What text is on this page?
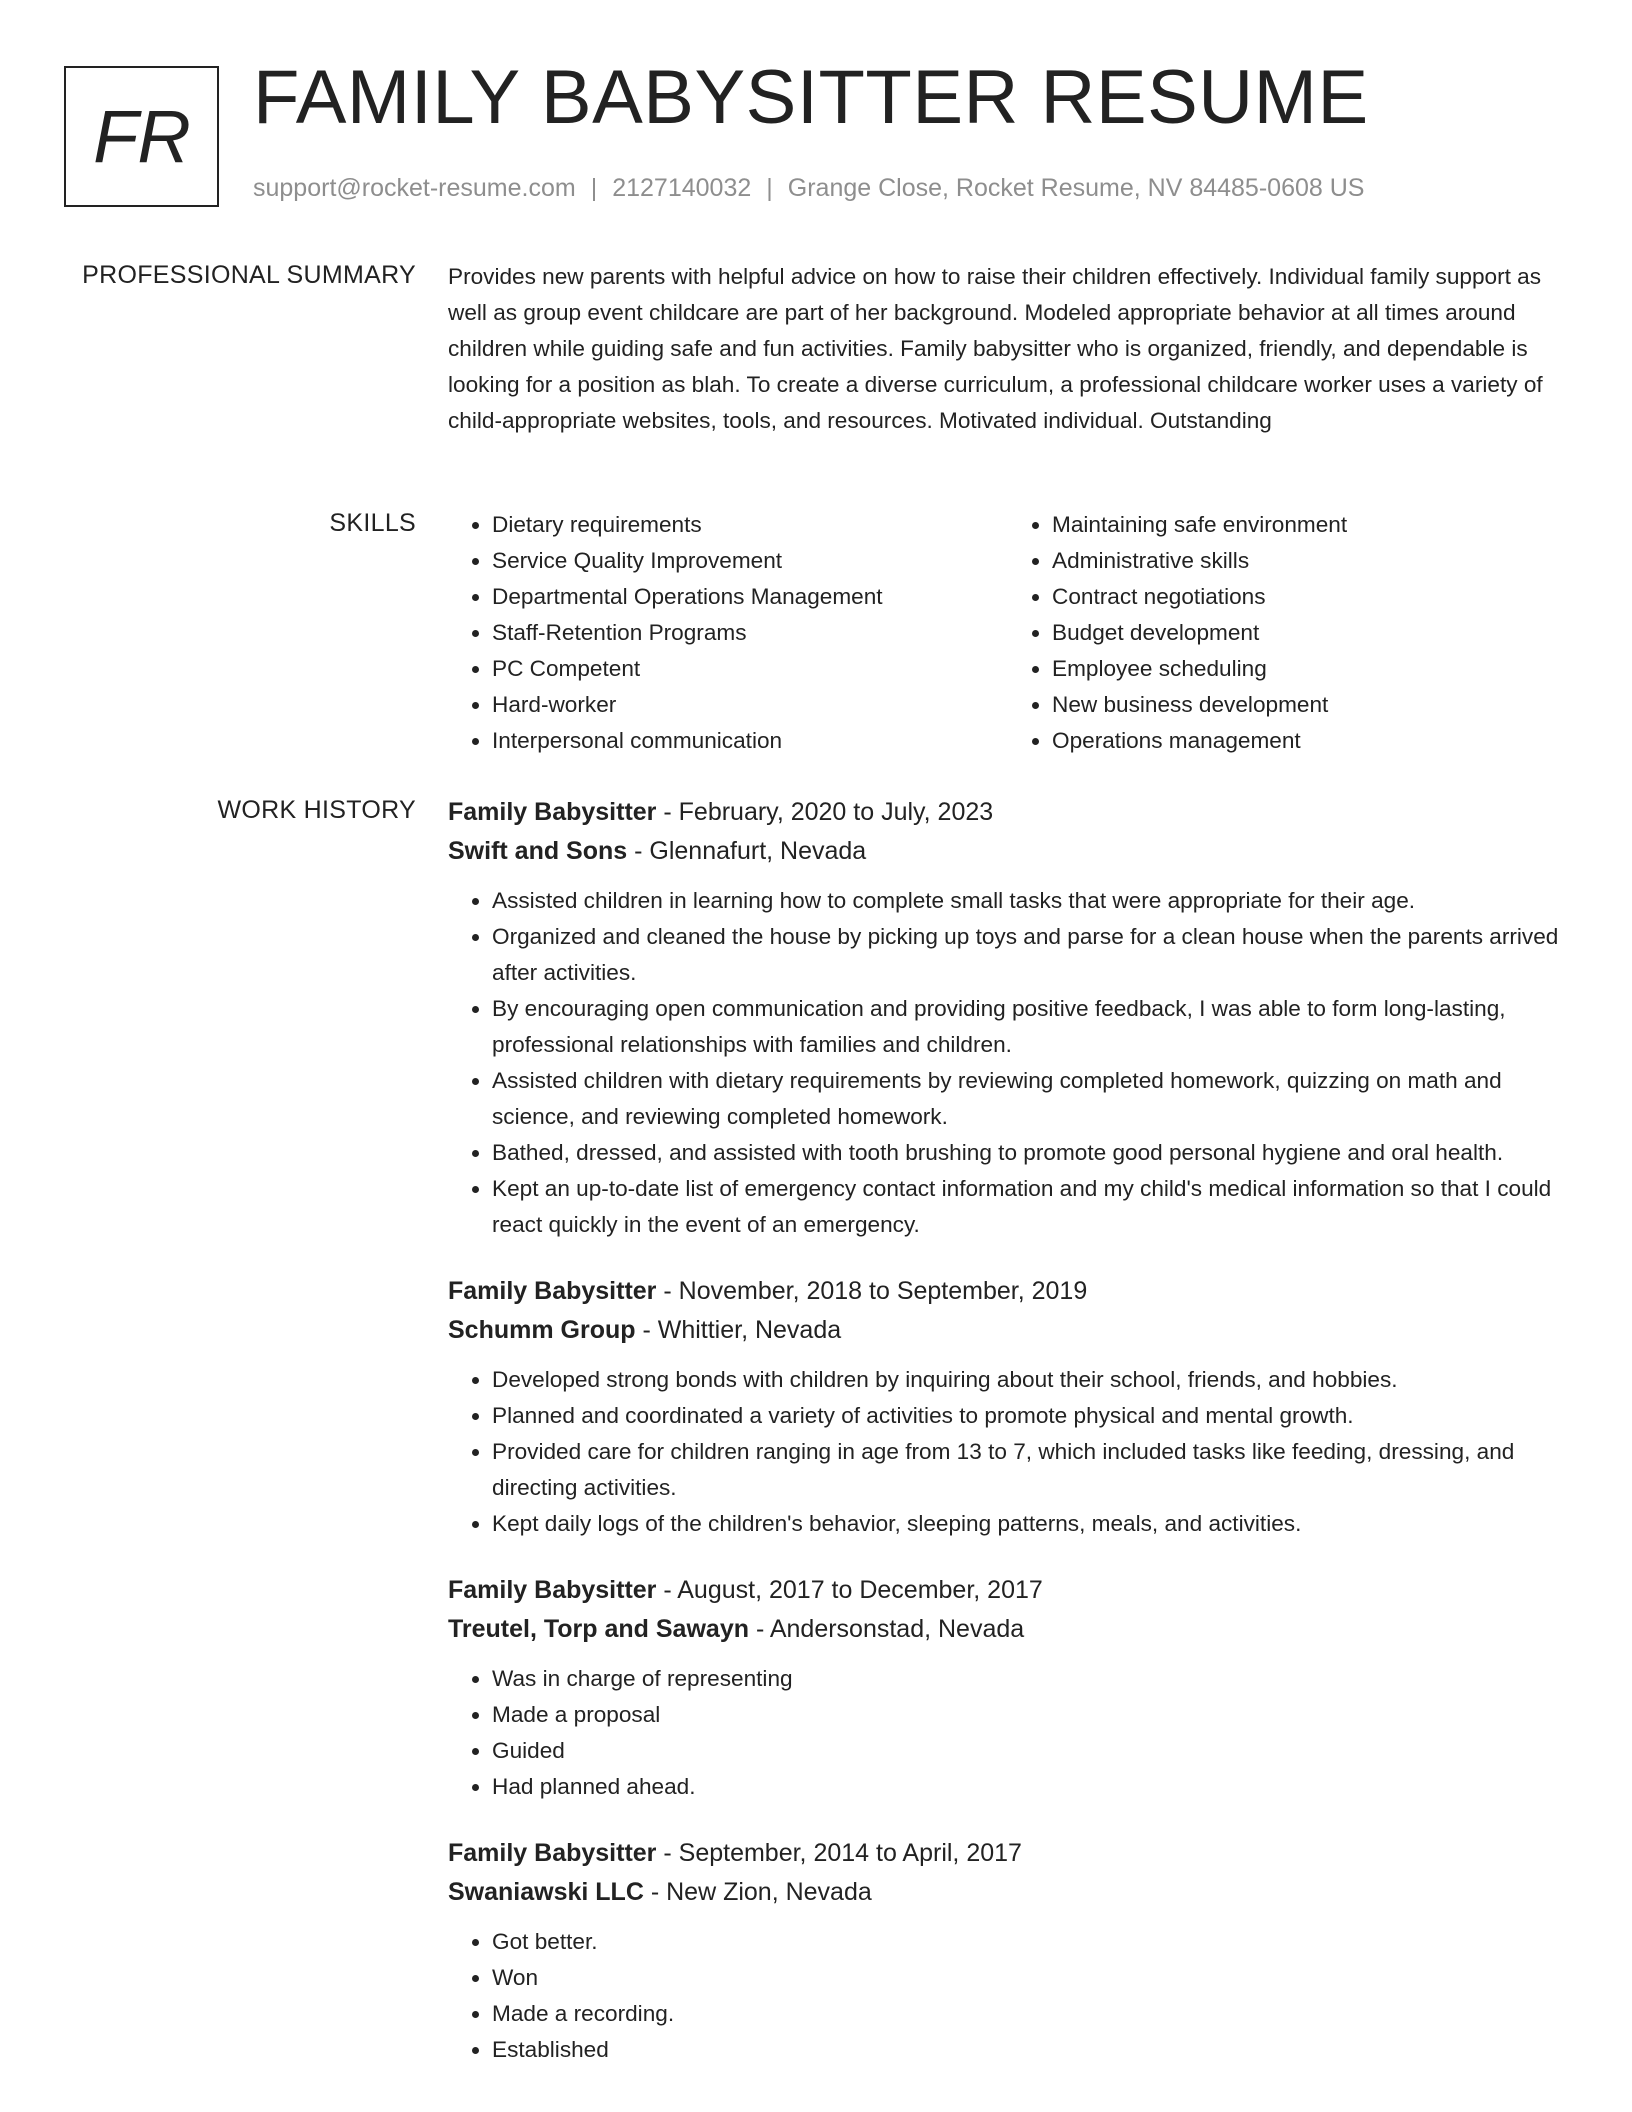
FR FAMILY BABYSITTER RESUME
support@rocket-resume.com | 2127140032 | Grange Close, Rocket Resume, NV 84485-0608 US
PROFESSIONAL SUMMARY Provides new parents with helpful advice on how to raise their children effectively. Individual family support as well as group event childcare are part of her background. Modeled appropriate behavior at all times around children while guiding safe and fun activities. Family babysitter who is organized, friendly, and dependable is looking for a position as blah. To create a diverse curriculum, a professional childcare worker uses a variety of child-appropriate websites, tools, and resources. Motivated individual. Outstanding

SKILLS
•	Dietary requirements
• Service Quality Improvement
• Departmental Operations Management
• Staff-Retention Programs
• PC Competent
• Hard-worker
• Interpersonal communication
• Maintaining safe environment
• Administrative skills
• Contract negotiations
• Budget development
• Employee scheduling
• New business development
• Operations management
WORK HISTORY Family Babysitter - February, 2020 to July, 2023
Swift and Sons - Glennafurt, Nevada
• Assisted children in learning how to complete small tasks that were appropriate for their age.
• Organized and cleaned the house by picking up toys and parse for a clean house when the parents arrived after activities.
• By encouraging open communication and providing positive feedback, I was able to form long-lasting, professional relationships with families and children.
• Assisted children with dietary requirements by reviewing completed homework, quizzing on math and science, and reviewing completed homework.
• Bathed, dressed, and assisted with tooth brushing to promote good personal hygiene and oral health.
• Kept an up-to-date list of emergency contact information and my child's medical information so that I could react quickly in the event of an emergency.
Family Babysitter - November, 2018 to September, 2019
Schumm Group - Whittier, Nevada
• Developed strong bonds with children by inquiring about their school, friends, and hobbies.
• Planned and coordinated a variety of activities to promote physical and mental growth.
• Provided care for children ranging in age from 13 to 7, which included tasks like feeding, dressing, and directing activities.
• Kept daily logs of the children's behavior, sleeping patterns, meals, and activities.
Family Babysitter - August, 2017 to December, 2017
Treutel, Torp and Sawayn - Andersonstad, Nevada
• Was in charge of representing
• Made a proposal
• Guided
• Had planned ahead.
Family Babysitter - September, 2014 to April, 2017
Swaniawski LLC - New Zion, Nevada
• Got better.
• Won
• Made a recording.
• Established
